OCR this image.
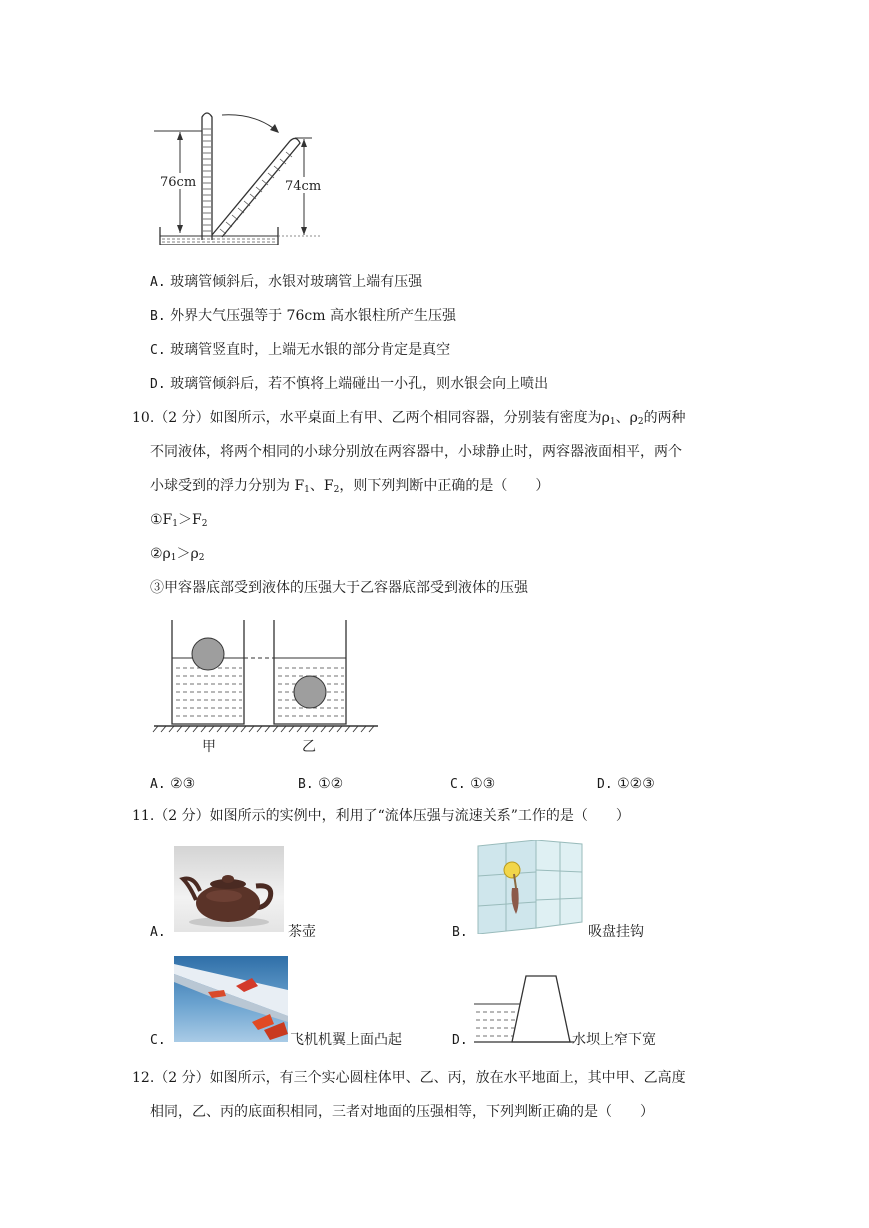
76cm	74cm
A. 玻璃管倾斜后，水银对玻璃管上端有压强
B. 外界大气压强等于 76cm 高水银柱所产生压强
C. 玻璃管竖直时，上端无水银的部分肯定是真空
D. 玻璃管倾斜后，若不慎将上端碰出一小孔，则水银会向上喷出
10.（2 分）如图所示，水平桌面上有甲、乙两个相同容器，分别装有密度为$\rho_1$、$\rho_2$的两种
不同液体，将两个相同的小球分别放在两容器中，小球静止时，两容器液面相平，两个
小球受到的浮力分别为 $F_1$、$F_2$，则下列判断中正确的是（　　）
$①F_1>F_2$
$②\rho_1>\rho_2$
③甲容器底部受到液体的压强大于乙容器底部受到液体的压强
甲	乙
A. ②③	B. ①②	C. ①③	D. ①②③
11.（2 分）如图所示的实例中，利用了“流体压强与流速关系”工作的是（　　）
A.	茶壶	B.	吸盘挂钩
C.	飞机机翼上面凸起	D.	水坝上窄下宽
12.（2 分）如图所示，有三个实心圆柱体甲、乙、丙，放在水平地面上，其中甲、乙高度
相同，乙、丙的底面积相同，三者对地面的压强相等，下列判断正确的是（　　）
